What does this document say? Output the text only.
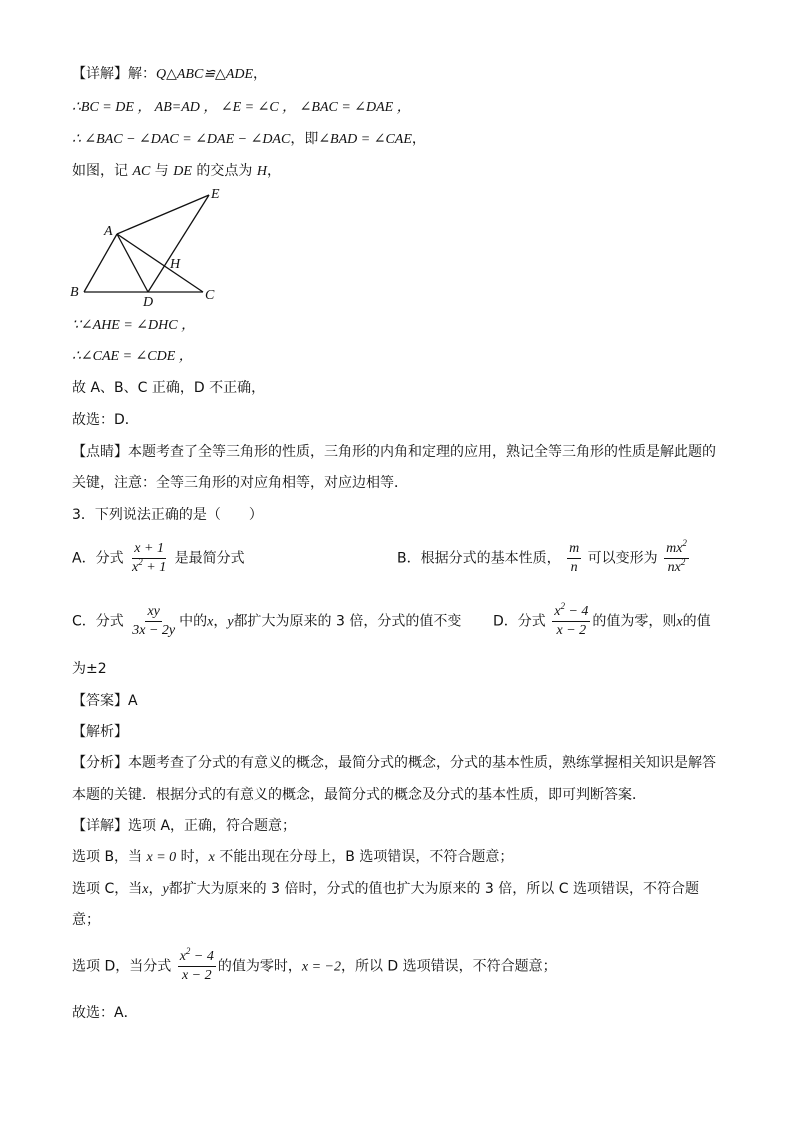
【详解】解：Q△ABC≌△ADE，
∴BC = DE ， AB=AD ， ∠E = ∠C ， ∠BAC = ∠DAE ，
∴ ∠BAC − ∠DAC = ∠DAE − ∠DAC，即∠BAD = ∠CAE，
如图，记 AC 与 DE 的交点为 H，
A
E
H
B
D	C
∵∠AHE = ∠DHC ，
∴∠CAE = ∠CDE ，
故 A、B、C 正确，D 不正确，
故选：D．
【点睛】本题考查了全等三角形的性质，三角形的内角和定理的应用，熟记全等三角形的性质是解此题的
关键，注意：全等三角形的对应角相等，对应边相等．
3．下列说法正确的是（　　）
A．分式 $\frac{x + 1}{x^2 + 1}$ 是最简分式	B．根据分式的基本性质， $\frac{m}{n}$ 可以变形为 $\frac{mx^2}{nx^2}$
C．分式 $\frac{xy}{3x - 2y}$ 中的x，y都扩大为原来的 3 倍，分式的值不变 D．分式 $\frac{x^2 - 4}{x - 2}$ 的值为零，则x的值
为±2
【答案】A
【解析】
【分析】本题考查了分式的有意义的概念，最简分式的概念，分式的基本性质，熟练掌握相关知识是解答
本题的关键．根据分式的有意义的概念，最简分式的概念及分式的基本性质，即可判断答案．
【详解】选项 A，正确，符合题意；
选项 B，当 x = 0 时，x 不能出现在分母上，B 选项错误，不符合题意；
选项 C，当x，y都扩大为原来的 3 倍时，分式的值也扩大为原来的 3 倍，所以 C 选项错误，不符合题
意；
选项 D，当分式 $\frac{x^2 - 4}{x - 2}$ 的值为零时，x = −2，所以 D 选项错误，不符合题意；
故选：A．
